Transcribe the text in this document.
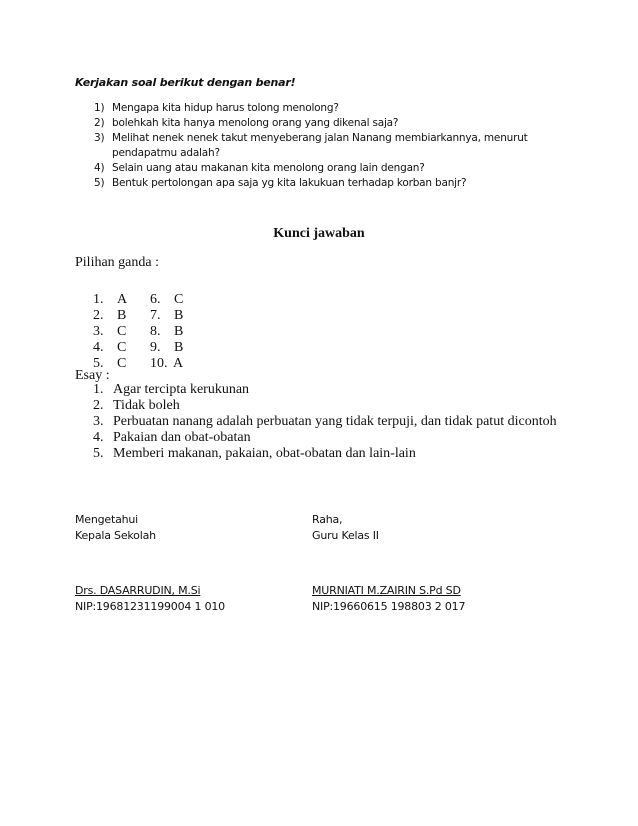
Kerjakan soal berikut dengan benar!
1) Mengapa kita hidup harus tolong menolong?
2) bolehkah kita hanya menolong orang yang dikenal saja?
3) Melihat nenek nenek takut menyeberang jalan Nanang membiarkannya, menurut pendapatmu adalah?
4) Selain uang atau makanan kita menolong orang lain dengan?
5) Bentuk pertolongan apa saja yg kita lakukuan terhadap korban banjr?
Kunci jawaban
Pilihan ganda :
1. A
2. B
3. C
4. C
5. C
6. C
7. B
8. B
9. B
10. A
Esay :
1. Agar tercipta kerukunan
2. Tidak boleh
3. Perbuatan nanang adalah perbuatan yang tidak terpuji, dan tidak patut dicontoh
4. Pakaian dan obat-obatan
5. Memberi makanan, pakaian, obat-obatan dan lain-lain
Mengetahui
Kepala Sekolah
Raha,
Guru Kelas II
Drs. DASARRUDIN, M.Si
NIP:19681231199004 1 010
MURNIATI M.ZAIRIN S.Pd SD
NIP:19660615 198803 2 017
